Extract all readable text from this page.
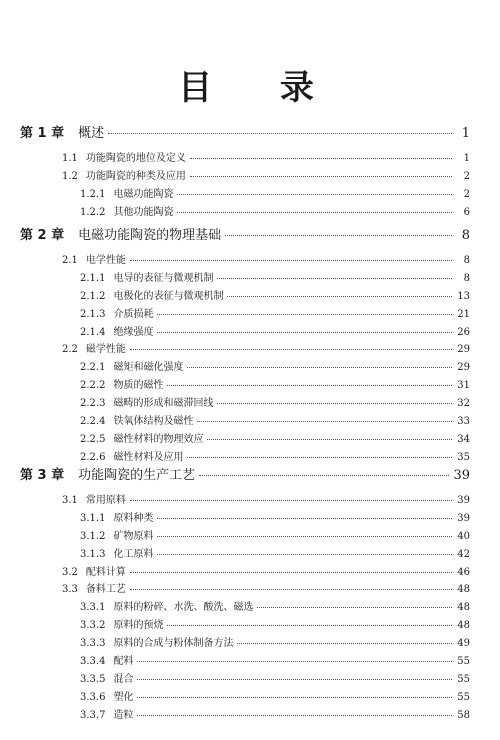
目 录
第 1 章 概述	1
1.1 功能陶瓷的地位及定义	1
1.2 功能陶瓷的种类及应用	2
1.2.1 电磁功能陶瓷	2
1.2.2 其他功能陶瓷	6
第 2 章 电磁功能陶瓷的物理基础	8
2.1 电学性能	8
2.1.1 电导的表征与微观机制	8
2.1.2 电极化的表征与微观机制	13
2.1.3 介质损耗	21
2.1.4 绝缘强度	26
2.2 磁学性能	29
2.2.1 磁矩和磁化强度	29
2.2.2 物质的磁性	31
2.2.3 磁畴的形成和磁滞回线	32
2.2.4 铁氧体结构及磁性	33
2.2.5 磁性材料的物理效应	34
2.2.6 磁性材料及应用	35
第 3 章 功能陶瓷的生产工艺	39
3.1 常用原料	39
3.1.1 原料种类	39
3.1.2 矿物原料	40
3.1.3 化工原料	42
3.2 配料计算	46
3.3 备料工艺	48
3.3.1 原料的粉碎、水洗、酸洗、磁选	48
3.3.2 原料的预烧	48
3.3.3 原料的合成与粉体制备方法	49
3.3.4 配料	55
3.3.5 混合	55
3.3.6 塑化	55
3.3.7 造粒	58
